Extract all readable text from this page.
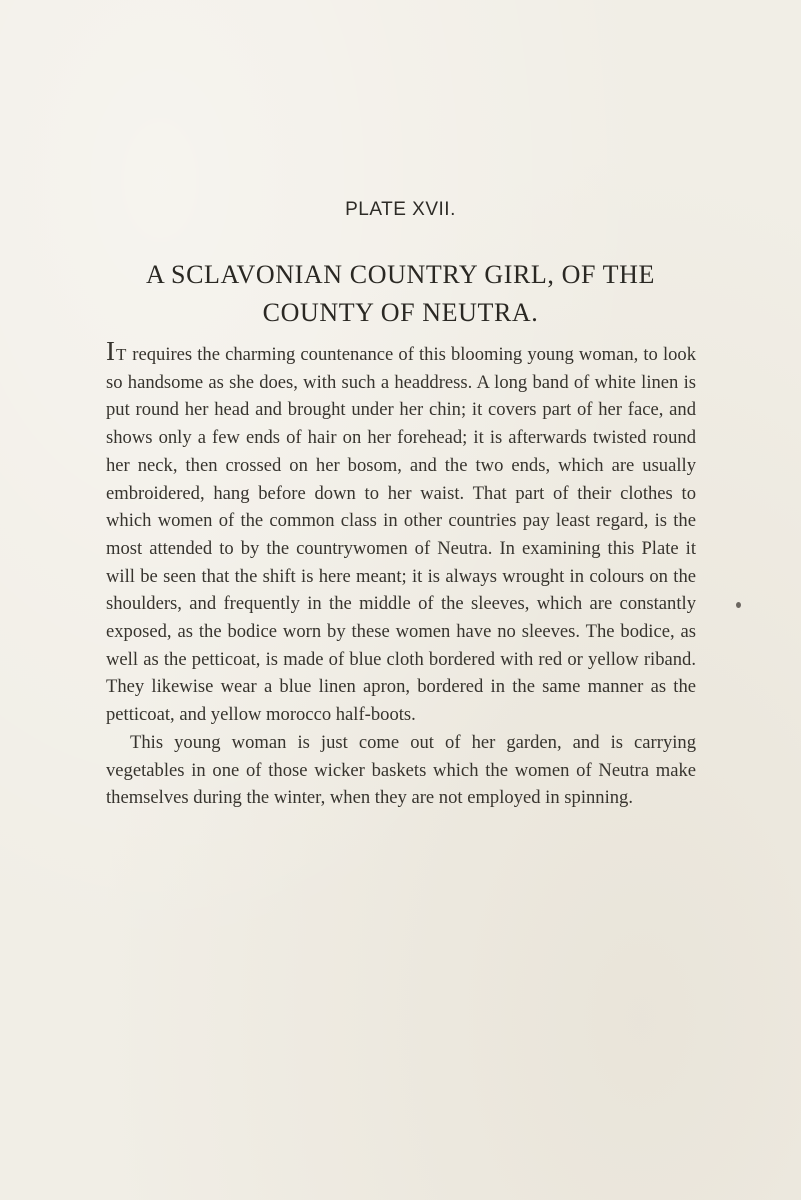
PLATE XVII.
A SCLAVONIAN COUNTRY GIRL, OF THE
COUNTY OF NEUTRA.

IT requires the charming countenance of this blooming young woman, to look so handsome as she does, with such a headdress. A long band of white linen is put round her head and brought under her chin; it covers part of her face, and shows only a few ends of hair on her forehead; it is afterwards twisted round her neck, then crossed on her bosom, and the two ends, which are usually embroidered, hang before down to her waist. That part of their clothes to which women of the common class in other countries pay least regard, is the most attended to by the countrywomen of Neutra. In examining this Plate it will be seen that the shift is here meant; it is always wrought in colours on the shoulders, and frequently in the middle of the sleeves, which are constantly exposed, as the bodice worn by these women have no sleeves. The bodice, as well as the petticoat, is made of blue cloth bordered with red or yellow riband. They likewise wear a blue linen apron, bordered in the same manner as the petticoat, and yellow morocco half-boots.

This young woman is just come out of her garden, and is carrying vegetables in one of those wicker baskets which the women of Neutra make themselves during the winter, when they are not employed in spinning.
